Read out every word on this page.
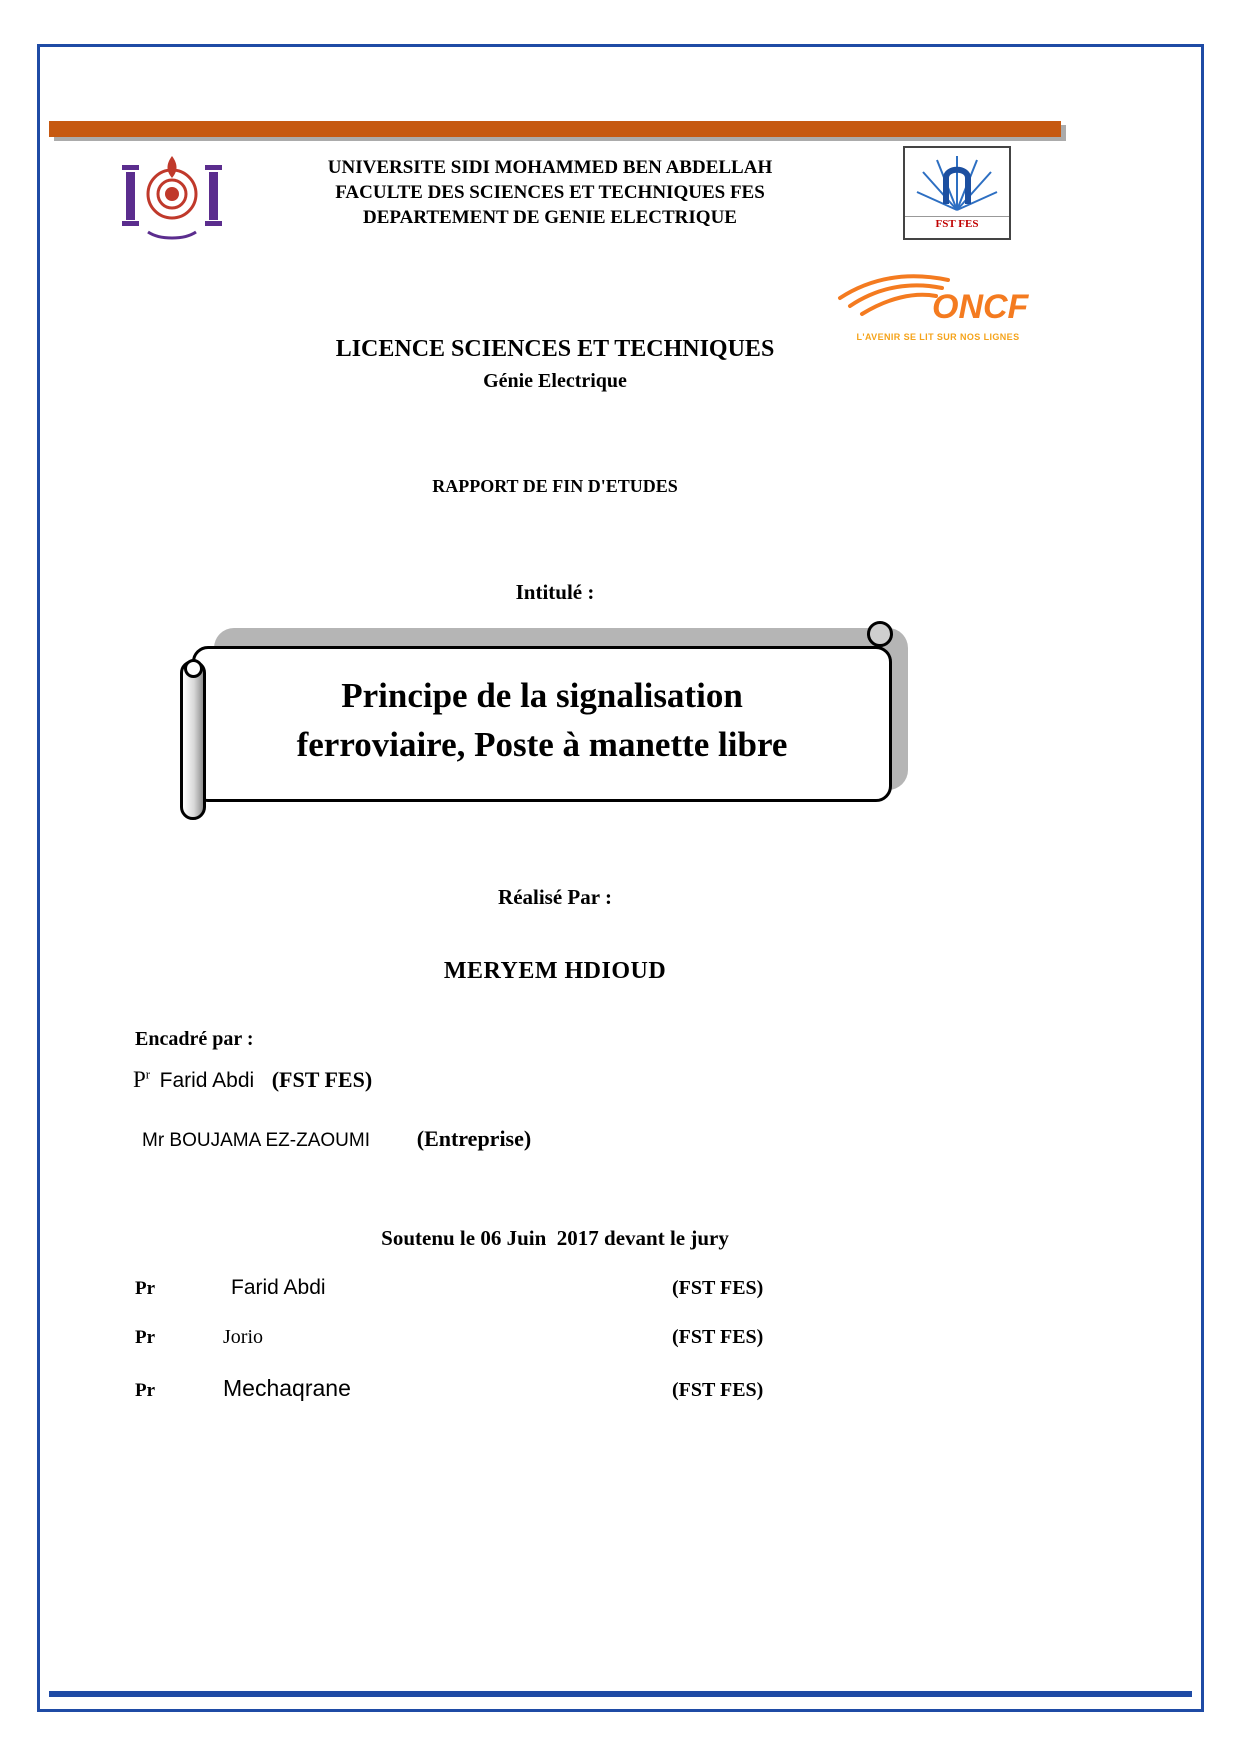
UNIVERSITE SIDI MOHAMMED BEN ABDELLAH
FACULTE DES SCIENCES ET TECHNIQUES FES
DEPARTEMENT DE GENIE ELECTRIQUE	FST FES
ONCF
L'AVENIR SE LIT SUR NOS LIGNES
LICENCE SCIENCES ET TECHNIQUES
Génie Electrique
RAPPORT DE FIN D'ETUDES
Intitulé :
Principe de la signalisation
ferroviaire, Poste à manette libre
Réalisé Par :
MERYEM HDIOUD
Encadré par :
$P^r$ Farid Abdi (FST FES)
Mr BOUJAMA EZ-ZAOUMI (Entreprise)
Soutenu le 06 Juin  2017 devant le jury
Pr	Farid Abdi	(FST FES)
Pr	Jorio	(FST FES)
Pr	Mechaqrane	(FST FES)
